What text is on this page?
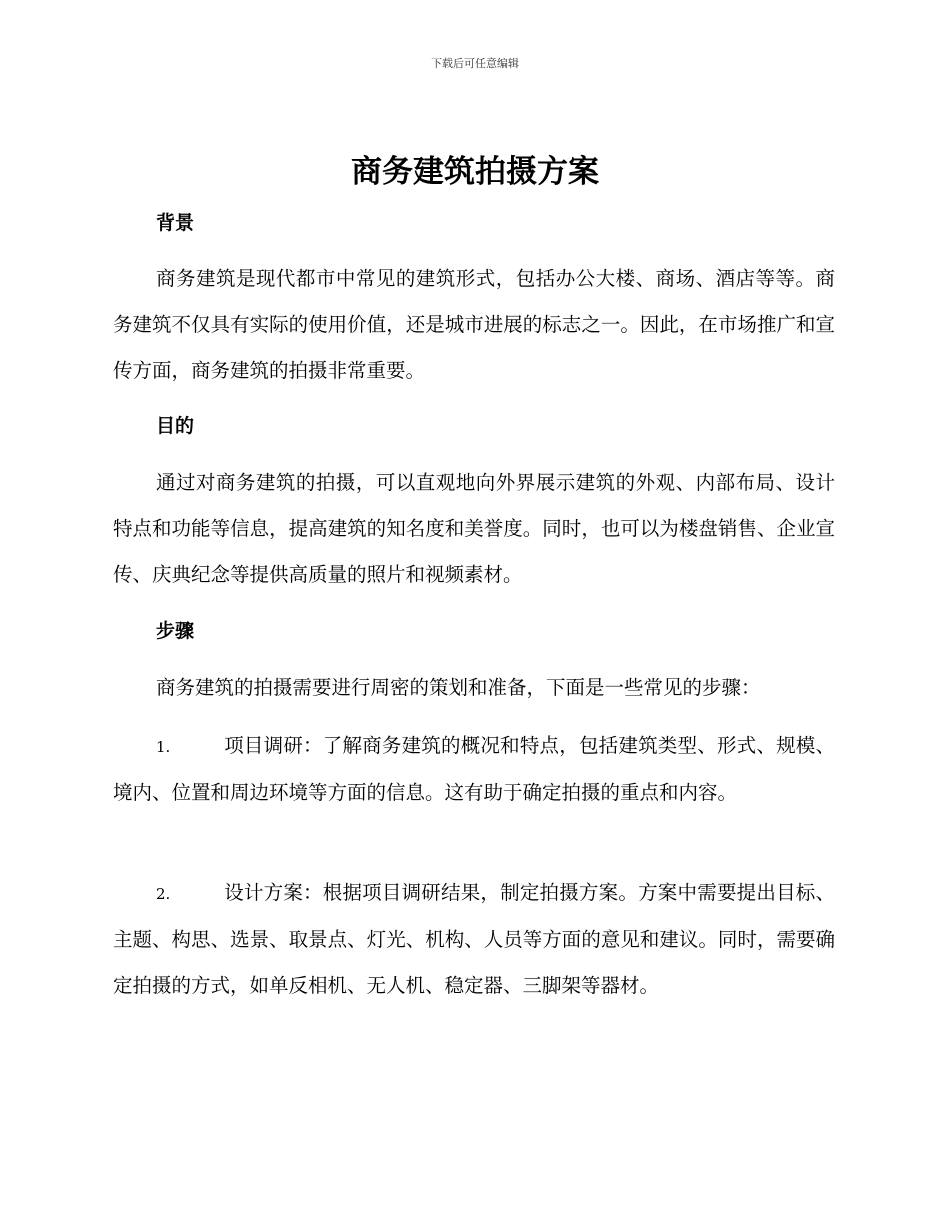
下载后可任意编辑
商务建筑拍摄方案
背景

商务建筑是现代都市中常见的建筑形式，包括办公大楼、商场、酒店等等。商务建筑不仅具有实际的使用价值，还是城市进展的标志之一。因此，在市场推广和宣传方面，商务建筑的拍摄非常重要。

目的

通过对商务建筑的拍摄，可以直观地向外界展示建筑的外观、内部布局、设计特点和功能等信息，提高建筑的知名度和美誉度。同时，也可以为楼盘销售、企业宣传、庆典纪念等提供高质量的照片和视频素材。

步骤

商务建筑的拍摄需要进行周密的策划和准备，下面是一些常见的步骤：

1.	项目调研：了解商务建筑的概况和特点，包括建筑类型、形式、规模、境内、位置和周边环境等方面的信息。这有助于确定拍摄的重点和内容。

2.	设计方案：根据项目调研结果，制定拍摄方案。方案中需要提出目标、主题、构思、选景、取景点、灯光、机构、人员等方面的意见和建议。同时，需要确定拍摄的方式，如单反相机、无人机、稳定器、三脚架等器材。
